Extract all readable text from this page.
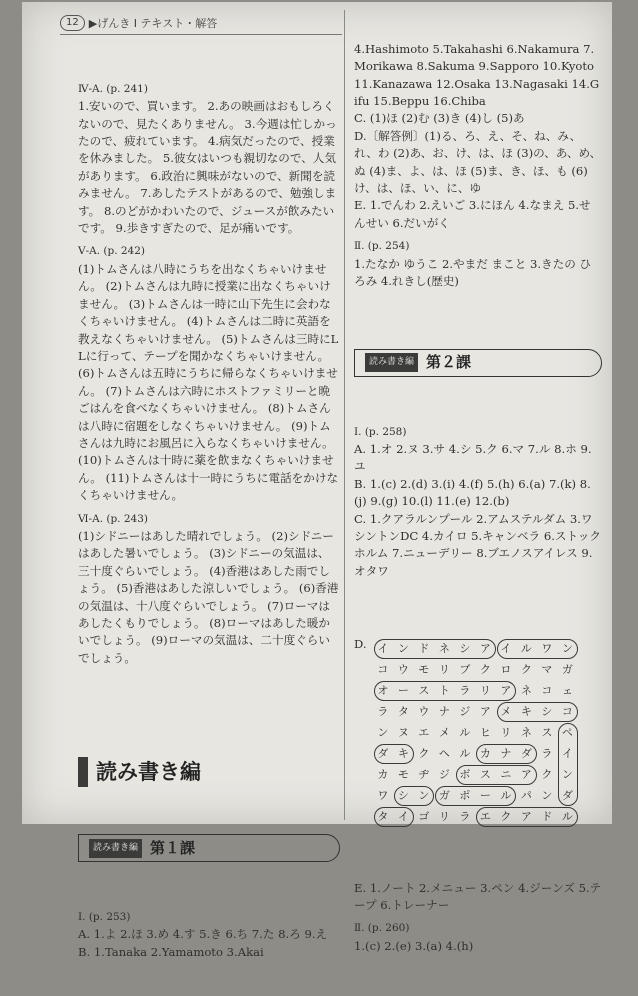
12 ▶げんき I テキスト・解答

Ⅳ-A. (p. 241)

1.安いので、買います。 2.あの映画はおもしろくないので、見たくありません。 3.今週は忙しかったので、疲れています。 4.病気だったので、授業を休みました。 5.彼女はいつも親切なので、人気があります。 6.政治に興味がないので、新聞を読みません。 7.あしたテストがあるので、勉強します。 8.のどがかわいたので、ジュースが飲みたいです。 9.歩きすぎたので、足が痛いです。

Ⅴ-A. (p. 242)

(1)トムさんは八時にうちを出なくちゃいけません。 (2)トムさんは九時に授業に出なくちゃいけません。 (3)トムさんは一時に山下先生に会わなくちゃいけません。 (4)トムさんは二時に英語を教えなくちゃいけません。 (5)トムさんは三時にLLに行って、テープを聞かなくちゃいけません。 (6)トムさんは五時にうちに帰らなくちゃいけません。 (7)トムさんは六時にホストファミリーと晩ごはんを食べなくちゃいけません。 (8)トムさんは八時に宿題をしなくちゃいけません。 (9)トムさんは九時にお風呂に入らなくちゃいけません。 (10)トムさんは十時に薬を飲まなくちゃいけません。 (11)トムさんは十一時にうちに電話をかけなくちゃいけません。

Ⅵ-A. (p. 243)

(1)シドニーはあした晴れでしょう。 (2)シドニーはあした暑いでしょう。 (3)シドニーの気温は、三十度ぐらいでしょう。 (4)香港はあした雨でしょう。 (5)香港はあした涼しいでしょう。 (6)香港の気温は、十八度ぐらいでしょう。 (7)ローマはあしたくもりでしょう。 (8)ローマはあした暖かいでしょう。 (9)ローマの気温は、二十度ぐらいでしょう。

読み書き編

読み書き編 第１課

Ⅰ. (p. 253)

A. 1.よ 2.ほ 3.め 4.す 5.き 6.ち 7.た 8.ろ 9.え

B. 1.Tanaka 2.Yamamoto 3.Akai

4.Hashimoto 5.Takahashi 6.Nakamura 7.Morikawa 8.Sakuma 9.Sapporo 10.Kyoto 11.Kanazawa 12.Osaka 13.Nagasaki 14.Gifu 15.Beppu 16.Chiba

C. (1)ほ (2)む (3)き (4)し (5)あ

D.〔解答例〕(1)る、ろ、え、そ、ね、み、れ、わ (2)あ、お、け、は、ほ (3)の、あ、め、ぬ (4)ま、よ、は、ほ (5)ま、き、ほ、も (6)け、は、ほ、い、に、ゆ

E. 1.でんわ 2.えいご 3.にほん 4.なまえ 5.せんせい 6.だいがく

Ⅱ. (p. 254)

1.たなか ゆうこ 2.やまだ まこと 3.きたの ひろみ 4.れきし(歴史)

読み書き編 第２課

Ⅰ. (p. 258)

A. 1.オ 2.ヌ 3.サ 4.シ 5.ク 6.マ 7.ル 8.ホ 9.ユ

B. 1.(c) 2.(d) 3.(i) 4.(f) 5.(h) 6.(a) 7.(k) 8.(j) 9.(g) 10.(l) 11.(e) 12.(b)

C. 1.クアラルンプール 2.アムステルダム 3.ワシントンDC 4.カイロ 5.キャンベラ 6.ストックホルム 7.ニューデリー 8.ブエノスアイレス 9.オタワ

D. イ ン ド ネ シ ア イ ル ワ ン
コ ウ モ リ ブ ク ロ ク マ ガ
オ ー ス ト ラ リ ア ネ コ ェ
ラ タ ウ ナ ジ ア メ キ シ コ
ン ヌ エ メ ル ヒ リ ネ ス ペ
ダ キ ク ヘ ル カ ナ ダ ラ イ
カ モ ヂ ジ ボ ス ニ ア ク ン
ワ シ ン ガ ポ ー ル パ ン ダ
タ イ ゴ リ ラ エ ク ア ド ル

E. 1.ノート 2.メニュー 3.ペン 4.ジーンズ 5.テープ 6.トレーナー

Ⅱ. (p. 260)

1.(c) 2.(e) 3.(a) 4.(h)
